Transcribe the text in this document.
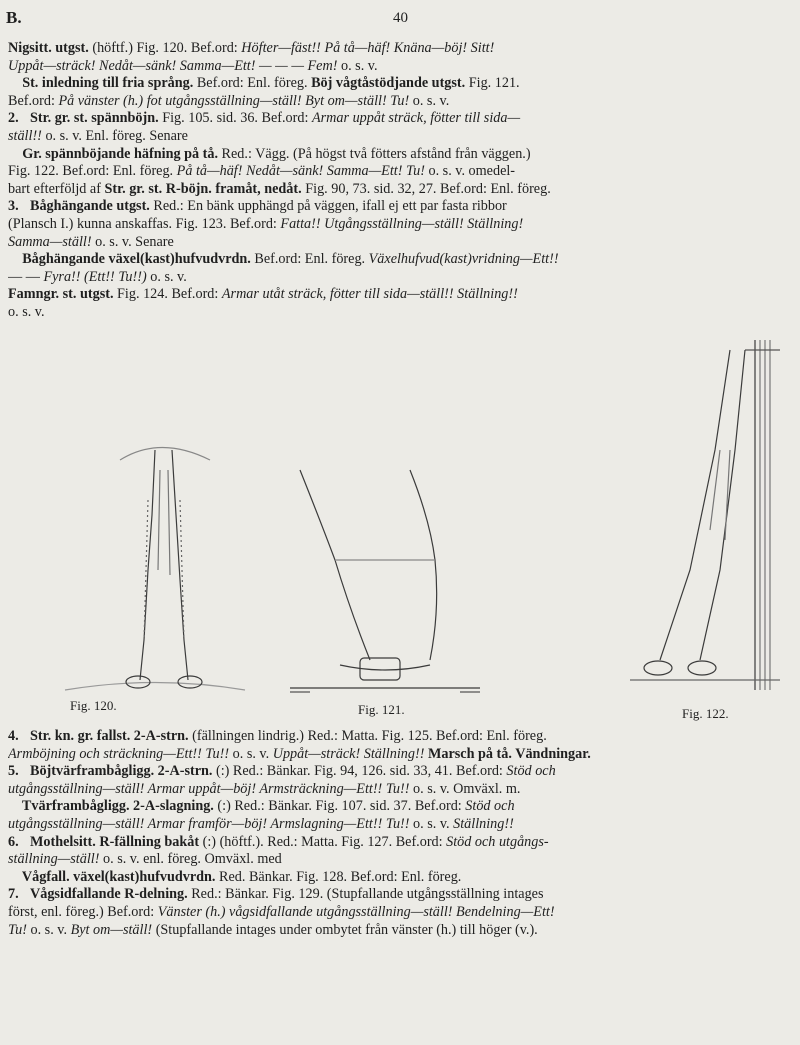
B.	40
Nigsitt. utgst. (höftf.) Fig. 120. Bef.ord: Höfter—fäst!! På tå—häf! Knäna—böj! Sitt!
Uppåt—sträck! Nedåt—sänk! Samma—Ett! — — — Fem! o. s. v.
St. inledning till fria språng. Bef.ord: Enl. föreg. Böj vågtåstödjande utgst. Fig. 121.
Bef.ord: På vänster (h.) fot utgångsställning—ställ! Byt om—ställ! Tu! o. s. v.
2. Str. gr. st. spännböjn. Fig. 105. sid. 36. Bef.ord: Armar uppåt sträck, fötter till sida—
ställ!! o. s. v. Enl. föreg. Senare
Gr. spännböjande häfning på tå. Red.: Vägg. (På högst två fötters afstånd från väggen.)
Fig. 122. Bef.ord: Enl. föreg. På tå—häf! Nedåt—sänk! Samma—Ett! Tu! o. s. v. omedel-
bart efterföljd af Str. gr. st. R-böjn. framåt, nedåt. Fig. 90, 73. sid. 32, 27. Bef.ord: Enl. föreg.
3. Båghängande utgst. Red.: En bänk upphängd på väggen, ifall ej ett par fasta ribbor
(Plansch I.) kunna anskaffas. Fig. 123. Bef.ord: Fatta!! Utgångsställning—ställ! Ställning!
Samma—ställ! o. s. v. Senare
Båghängande växel(kast)hufvudvrdn. Bef.ord: Enl. föreg. Växelhufvud(kast)vridning—Ett!!
— — Fyra!! (Ett!! Tu!!) o. s. v.
Famngr. st. utgst. Fig. 124. Bef.ord: Armar utåt sträck, fötter till sida—ställ!! Ställning!!
o. s. v.
Fig. 120.	Fig. 121.	Fig. 122.
4. Str. kn. gr. fallst. 2-A-strn. (fällningen lindrig.) Red.: Matta. Fig. 125. Bef.ord: Enl. föreg.
Armböjning och sträckning—Ett!! Tu!! o. s. v. Uppåt—sträck! Ställning!! Marsch på tå. Vändningar.
5. Böjtvärframbågligg. 2-A-strn. (:) Red.: Bänkar. Fig. 94, 126. sid. 33, 41. Bef.ord: Stöd och
utgångsställning—ställ! Armar uppåt—böj! Armsträckning—Ett!! Tu!! o. s. v. Omväxl. m.
Tvärframbågligg. 2-A-slagning. (:) Red.: Bänkar. Fig. 107. sid. 37. Bef.ord: Stöd och
utgångsställning—ställ! Armar framför—böj! Armslagning—Ett!! Tu!! o. s. v. Ställning!!
6. Mothelsitt. R-fällning bakåt (:) (höftf.). Red.: Matta. Fig. 127. Bef.ord: Stöd och utgångs-
ställning—ställ! o. s. v. enl. föreg. Omväxl. med
Vågfall. växel(kast)hufvudvrdn. Red. Bänkar. Fig. 128. Bef.ord: Enl. föreg.
7. Vågsidfallande R-delning. Red.: Bänkar. Fig. 129. (Stupfallande utgångsställning intages
först, enl. föreg.) Bef.ord: Vänster (h.) vågsidfallande utgångsställning—ställ! Bendelning—Ett!
Tu! o. s. v. Byt om—ställ! (Stupfallande intages under ombytet från vänster (h.) till höger (v.).
